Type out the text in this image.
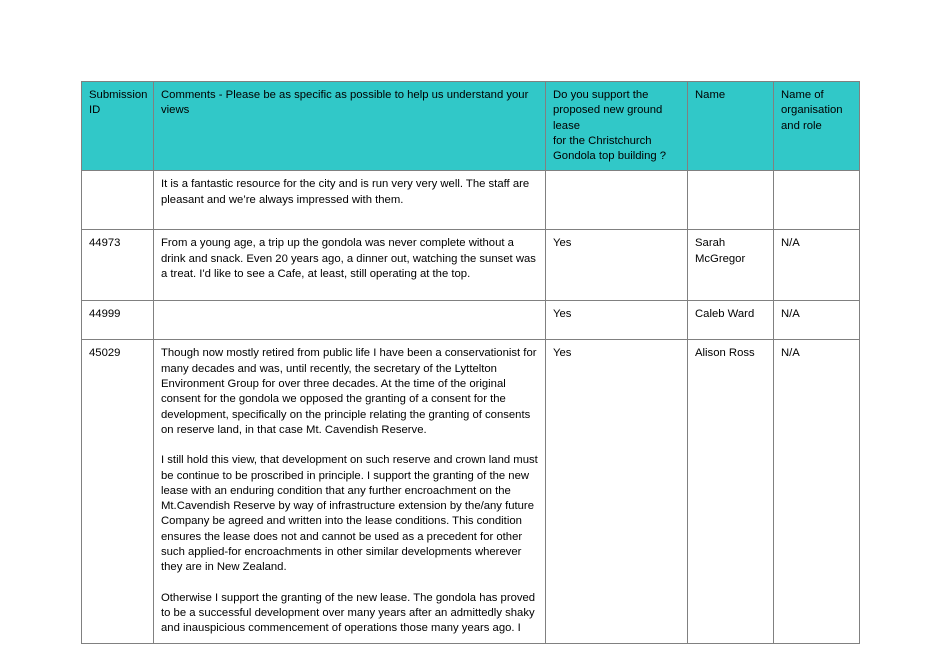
Submission
ID	Comments - Please be as specific as possible to help us understand your views	Do you support the
proposed new ground lease
for the Christchurch
Gondola top building ?	Name	Name of
organisation
and role

	It is a fantastic resource for the city and is run very very well. The staff are pleasant and we’re always impressed with them.			

44973	From a young age, a trip up the gondola was never complete without a drink and snack. Even 20 years ago, a dinner out, watching the sunset was a treat. I'd like to see a Cafe, at least, still operating at the top.	Yes	Sarah McGregor	N/A
44999		Yes	Caleb Ward	N/A
45029	Though now mostly retired from public life I have been a conservationist for many decades and was, until recently, the secretary of the Lyttelton Environment Group for over three decades. At the time of the original consent for the gondola we opposed the granting of a consent for the development, specifically on the principle relating the granting of consents on reserve land, in that case Mt. Cavendish Reserve.

I still hold this view, that development on such reserve and crown land must be continue to be proscribed in principle. I support the granting of the new lease with an enduring condition that any further encroachment on the Mt.Cavendish Reserve by way of infrastructure extension by the/any future Company be agreed and written into the lease conditions. This condition ensures the lease does not and cannot be used as a precedent for other such applied-for encroachments in other similar developments wherever they are in New Zealand.

Otherwise I support the granting of the new lease. The gondola has proved to be a successful development over many years after an admittedly shaky and inauspicious commencement of operations those many years ago. I	Yes	Alison Ross	N/A
